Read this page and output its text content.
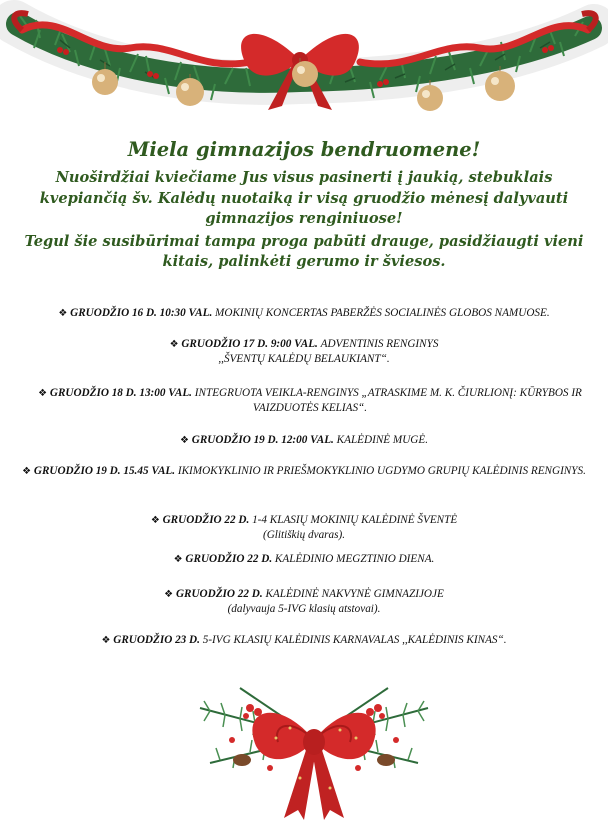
Miela gimnazijos bendruomene!
Nuoširdžiai kviečiame Jus visus pasinerti į jaukią, stebuklais kvepiančią šv. Kalėdų nuotaiką ir visą gruodžio mėnesį dalyvauti gimnazijos renginiuose!
Tegul šie susibūrimai tampa proga pabūti drauge, pasidžiaugti vieni kitais, palinkėti gerumo ir šviesos.
❖ GRUODŽIO 16 D. 10:30 VAL. MOKINIŲ KONCERTAS PABERŽĖS SOCIALINĖS GLOBOS NAMUOSE.
❖ GRUODŽIO 17 D. 9:00 VAL. ADVENTINIS RENGINYS
,,ŠVENTŲ KALĖDŲ BELAUKIANT“.
❖ GRUODŽIO 18 D. 13:00 VAL. INTEGRUOTA VEIKLA-RENGINYS „ATRASKIME M. K. ČIURLIONĮ: KŪRYBOS IR VAIZDUOTĖS KELIAS“.
❖ GRUODŽIO 19 D. 12:00 VAL. KALĖDINĖ MUGĖ.
❖ GRUODŽIO 19 D. 15.45 VAL. IKIMOKYKLINIO IR PRIEŠMOKYKLINIO UGDYMO GRUPIŲ KALĖDINIS RENGINYS.
❖ GRUODŽIO 22 D. 1-4 KLASIŲ MOKINIŲ KALĖDINĖ ŠVENTĖ
(Glitiškių dvaras).
❖ GRUODŽIO 22 D. KALĖDINIO MEGZTINIO DIENA.
❖ GRUODŽIO 22 D. KALĖDINĖ NAKVYNĖ GIMNAZIJOJE
(dalyvauja 5-IVG klasių atstovai).
❖ GRUODŽIO 23 D. 5-IVG KLASIŲ KALĖDINIS KARNAVALAS ,,KALĖDINIS KINAS“.
